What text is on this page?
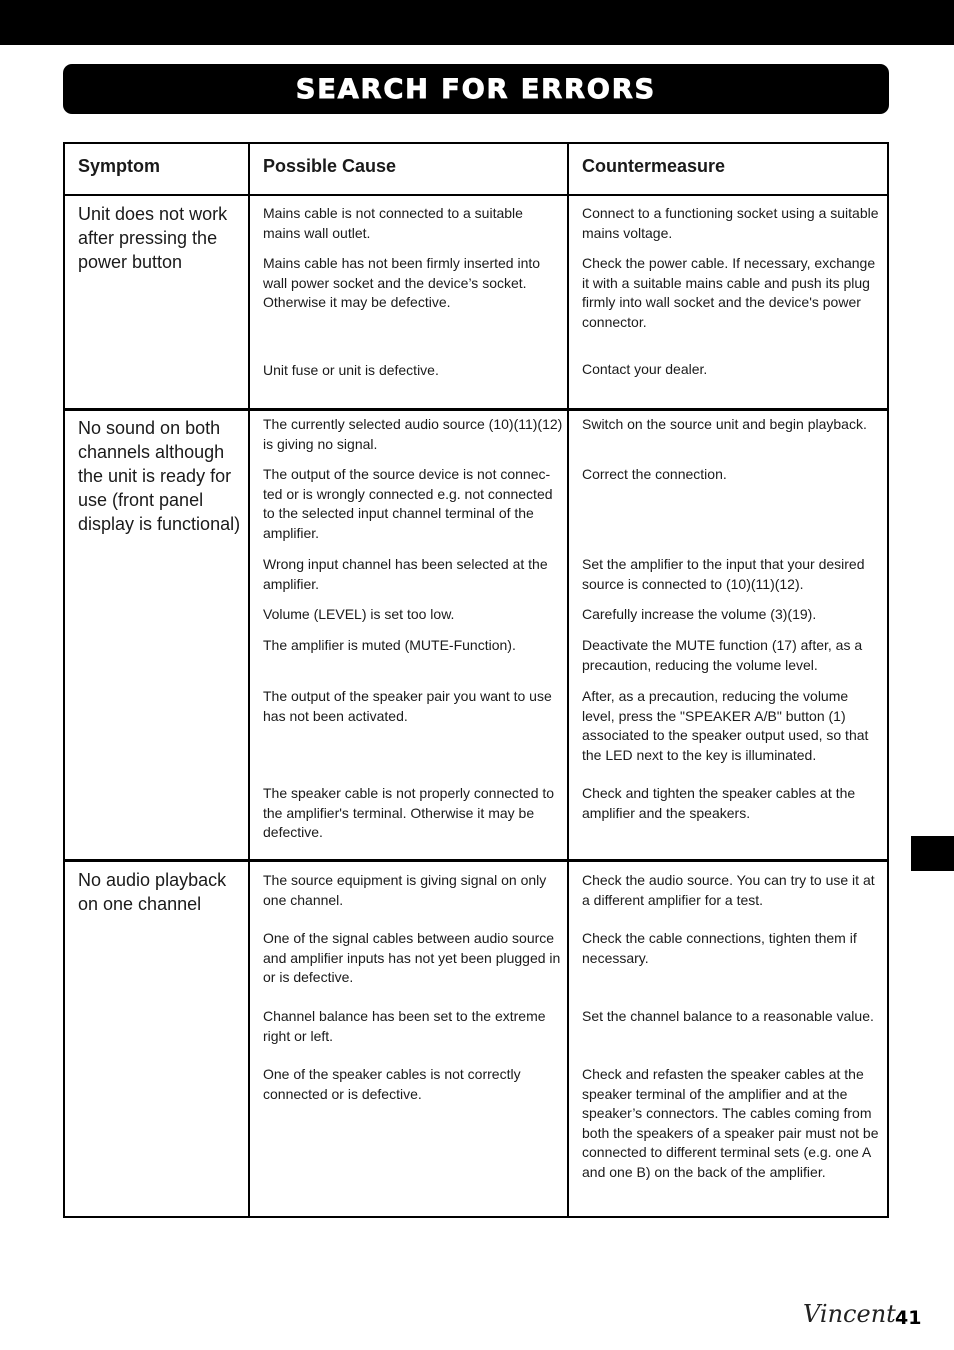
SEARCH FOR ERRORS
Symptom	Possible Cause	Countermeasure
Unit does not work after pressing the power button
Mains cable is not connected to a suitable mains wall outlet.
Mains cable has not been firmly inserted into wall power socket and the device’s socket. Otherwise it may be defective.
Unit fuse or unit is defective.
Connect to a functioning socket using a suitable mains voltage.
Check the power cable. If necessary, exchange it with a suitable mains cable and push its plug firmly into wall socket and the device's power connector.
Contact your dealer.
No sound on both channels although the unit is ready for use (front panel display is functional)
The currently selected audio source (10)(11)(12) is giving no signal.
The output of the source device is not connec-ted or is wrongly connected e.g. not connected to the selected input channel terminal of the amplifier.
Wrong input channel has been selected at the amplifier.
Volume (LEVEL) is set too low.
The amplifier is muted (MUTE-Function).
The output of the speaker pair you want to use has not been activated.
The speaker cable is not properly connected to the amplifier's terminal. Otherwise it may be defective.
Switch on the source unit and begin playback.
Correct the connection.
Set the amplifier to the input that your desired source is connected to (10)(11)(12).
Carefully increase the volume (3)(19).
Deactivate the MUTE function (17) after, as a precaution, reducing the volume level.
After, as a precaution, reducing the volume level, press the "SPEAKER A/B" button (1) associated to the speaker output used, so that the LED next to the key is illuminated.
Check and tighten the speaker cables at the amplifier and the speakers.
No audio playback on one channel
The source equipment is giving signal on only one channel.
One of the signal cables between audio source and amplifier inputs has not yet been plugged in or is defective.
Channel balance has been set to the extreme right or left.
One of the speaker cables is not correctly connected or is defective.
Check the audio source. You can try to use it at a different amplifier for a test.
Check the cable connections, tighten them if necessary.
Set the channel balance to a reasonable value.
Check and refasten the speaker cables at the speaker terminal of the amplifier and at the speaker’s connectors. The cables coming from both the speakers of a speaker pair must not be connected to different terminal sets (e.g. one A and one B) on the back of the amplifier.
Vincent 41
